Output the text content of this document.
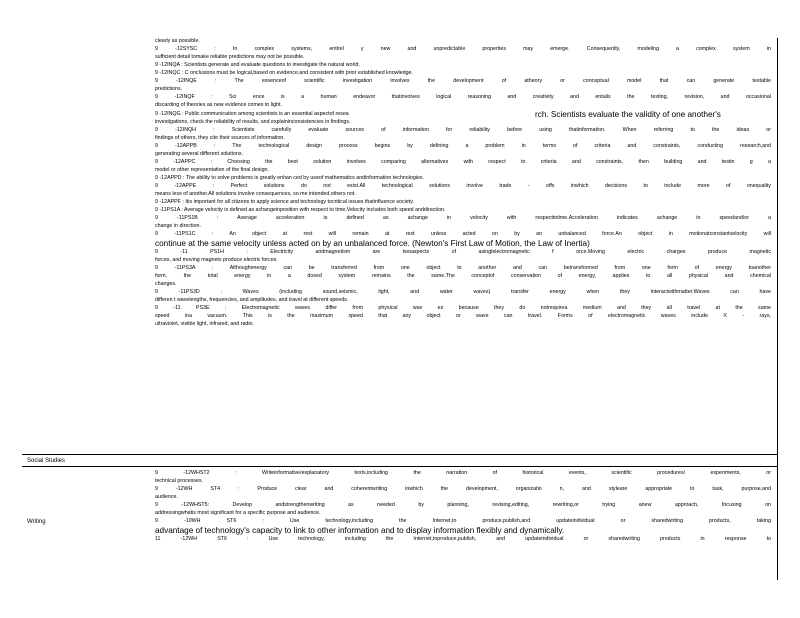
clearly as possible.
9 -12SYSC : In complex systems, entirel y new and unpredictable properties may emerge. Consequently, modeling a complex system in
sufficient detail tomake reliable predictions may not be possible.
9 -12INQA : Scientists generate and evaluate questions to investigate the natural world.
9 -12INQC : C onclusions must be logical,based on evidence,and consistent with prior established knowledge.
9 -12INQE : The essenceof scientific investigation involves the development of atheory or conceptual model that can generate testable
predictions.
9 -12INQF : Sci ence is a human endeavor thatinvolves logical reasoning and creativity and entails the testing, revision, and occasional
discarding of theories as new evidence comes to light.
9 -12INQG : Public communication among scientists is an essential aspectof resea	rch. Scientists evaluate the validity of one another's
investigations, check the reliability of results, and explaininconsistencies in findings.
9 -12INQH : Scientists carefully evaluate sources of information for reliability before using thatinformation. When referring to the ideas or
findings of others, they cite their sources of information.
9 -12APPB : The technological design process begins by defining a problem in terms of criteria and constraints, conducting research,and
generating several different solutions.
9 -12APPC : Choosing the best solution involves comparing alternatives with respect to criteria and constraints, then building and testin g a
model or other representation of the final design.
9 -12APPD : The ability to solve problems is greatly enhan ced by useof mathematics andinformation technologies.
9 -12APPE : Perfect solutions do not exist.All technological solutions involve trade - offs inwhich decisions to include more of onequality
means less of another.All solutions involve consequences, so me intended,others not.
9 -12APPF : Itis important for all citizens to apply science and technology tocritical issues thatinfluence society.
9 -11PS1A : Average velocity is defined as achangeinposition with respect to time.Velocity includes both speed anddirection.
9 -11PS1B : Average acceleration is defined as achange in velocity with respecttotime.Acceleration indicates achange in speedand/or a
change in direction.
9 -11PS1C : An object at rest will remain at rest unless acted on by an unbalanced force.An object in motionatconstantvelocity will
continue at the same velocity unless acted on by an unbalanced force. (Newton's First Law of Motion, the Law of Inertia)
9 -11 PS1H : Electricity andmagnetism are twoaspects of asinglelectromagnetic f orce.Moving electric charges produce magnetic
forces, and moving magnets produce electric forces.
9 -11PS3A : Althoughenergy can be transferred from one object to another and can betransformed from one form of energy toanother
form, the total energy in a dosed system remains the same.The conceptof conservation of energy, applies to all physical and chemical
changes.
9 -11PS3D : Waves (including sound,seismic, light, and water waves) transfer energy when they interactwithmatter.Waves can have
differen t wavelengths, frequencies, and amplitudes, and travel at different speeds.
9 -11 PS3E : Electromagnetic waves differ from physical wav es because they do notrequirea medium and they all travel at the same
speed ina vacuum. This is the maximum speed that any object or wave can travel. Forms of electromagnetic waves include X - rays,
ultraviolet, visible light, infrared, and radio.
Social Studies
Writing
9 -12WHST2 : Writeinformative/explanatory texts,including the narration of historical events, scientific procedures/ experiments, or
technical processes.
9 -12WH ST4 : Produce clear and coherentwriting inwhich the development, organizatio n, and styleare appropriate to task, purpose,and
audience.
9 -12WHST5: Develop andstrengthenwriting as needed by planning, revising,editing, rewriting,or trying anew approach, focusing on
addressingwhatis most significant for a specific purpose and audience.
9 -10WH ST6 : Use technology,including the Internet,to produce,publish,and updateindividual or sharedwriting products, taking
advantage of technology's capacity to link to other information and to display information flexibly and dynamically.
11 -12WH ST6 : Use technology, including the Internet,toproduce,publish, and updateindividual or sharedwriting products in response to
